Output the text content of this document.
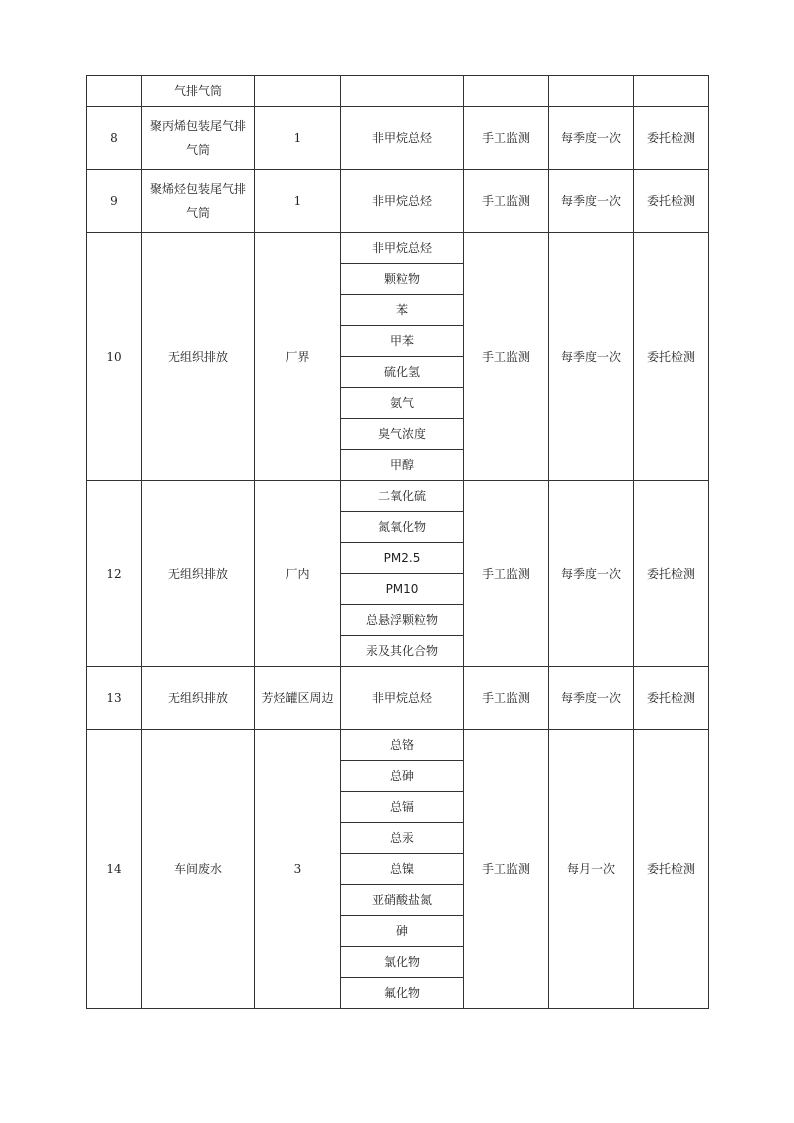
	气排气筒					
8	聚丙烯包装尾气排气筒	1	非甲烷总烃	手工监测	每季度一次	委托检测
9	聚烯烃包装尾气排气筒	1	非甲烷总烃	手工监测	每季度一次	委托检测
10	无组织排放	厂界	非甲烷总烃	手工监测	每季度一次	委托检测
			颗粒物			
			苯			
			甲苯			
			硫化氢			
			氨气			
			臭气浓度			
			甲醇			
12	无组织排放	厂内	二氧化硫	手工监测	每季度一次	委托检测
			氮氧化物			
			PM2.5			
			PM10			
			总悬浮颗粒物			
			汞及其化合物			
13	无组织排放	芳烃罐区周边	非甲烷总烃	手工监测	每季度一次	委托检测
14	车间废水	3	总铬	手工监测	每月一次	委托检测
			总砷			
			总镉			
			总汞			
			总镍			
			亚硝酸盐氮			
			砷			
			氯化物			
			氟化物			
